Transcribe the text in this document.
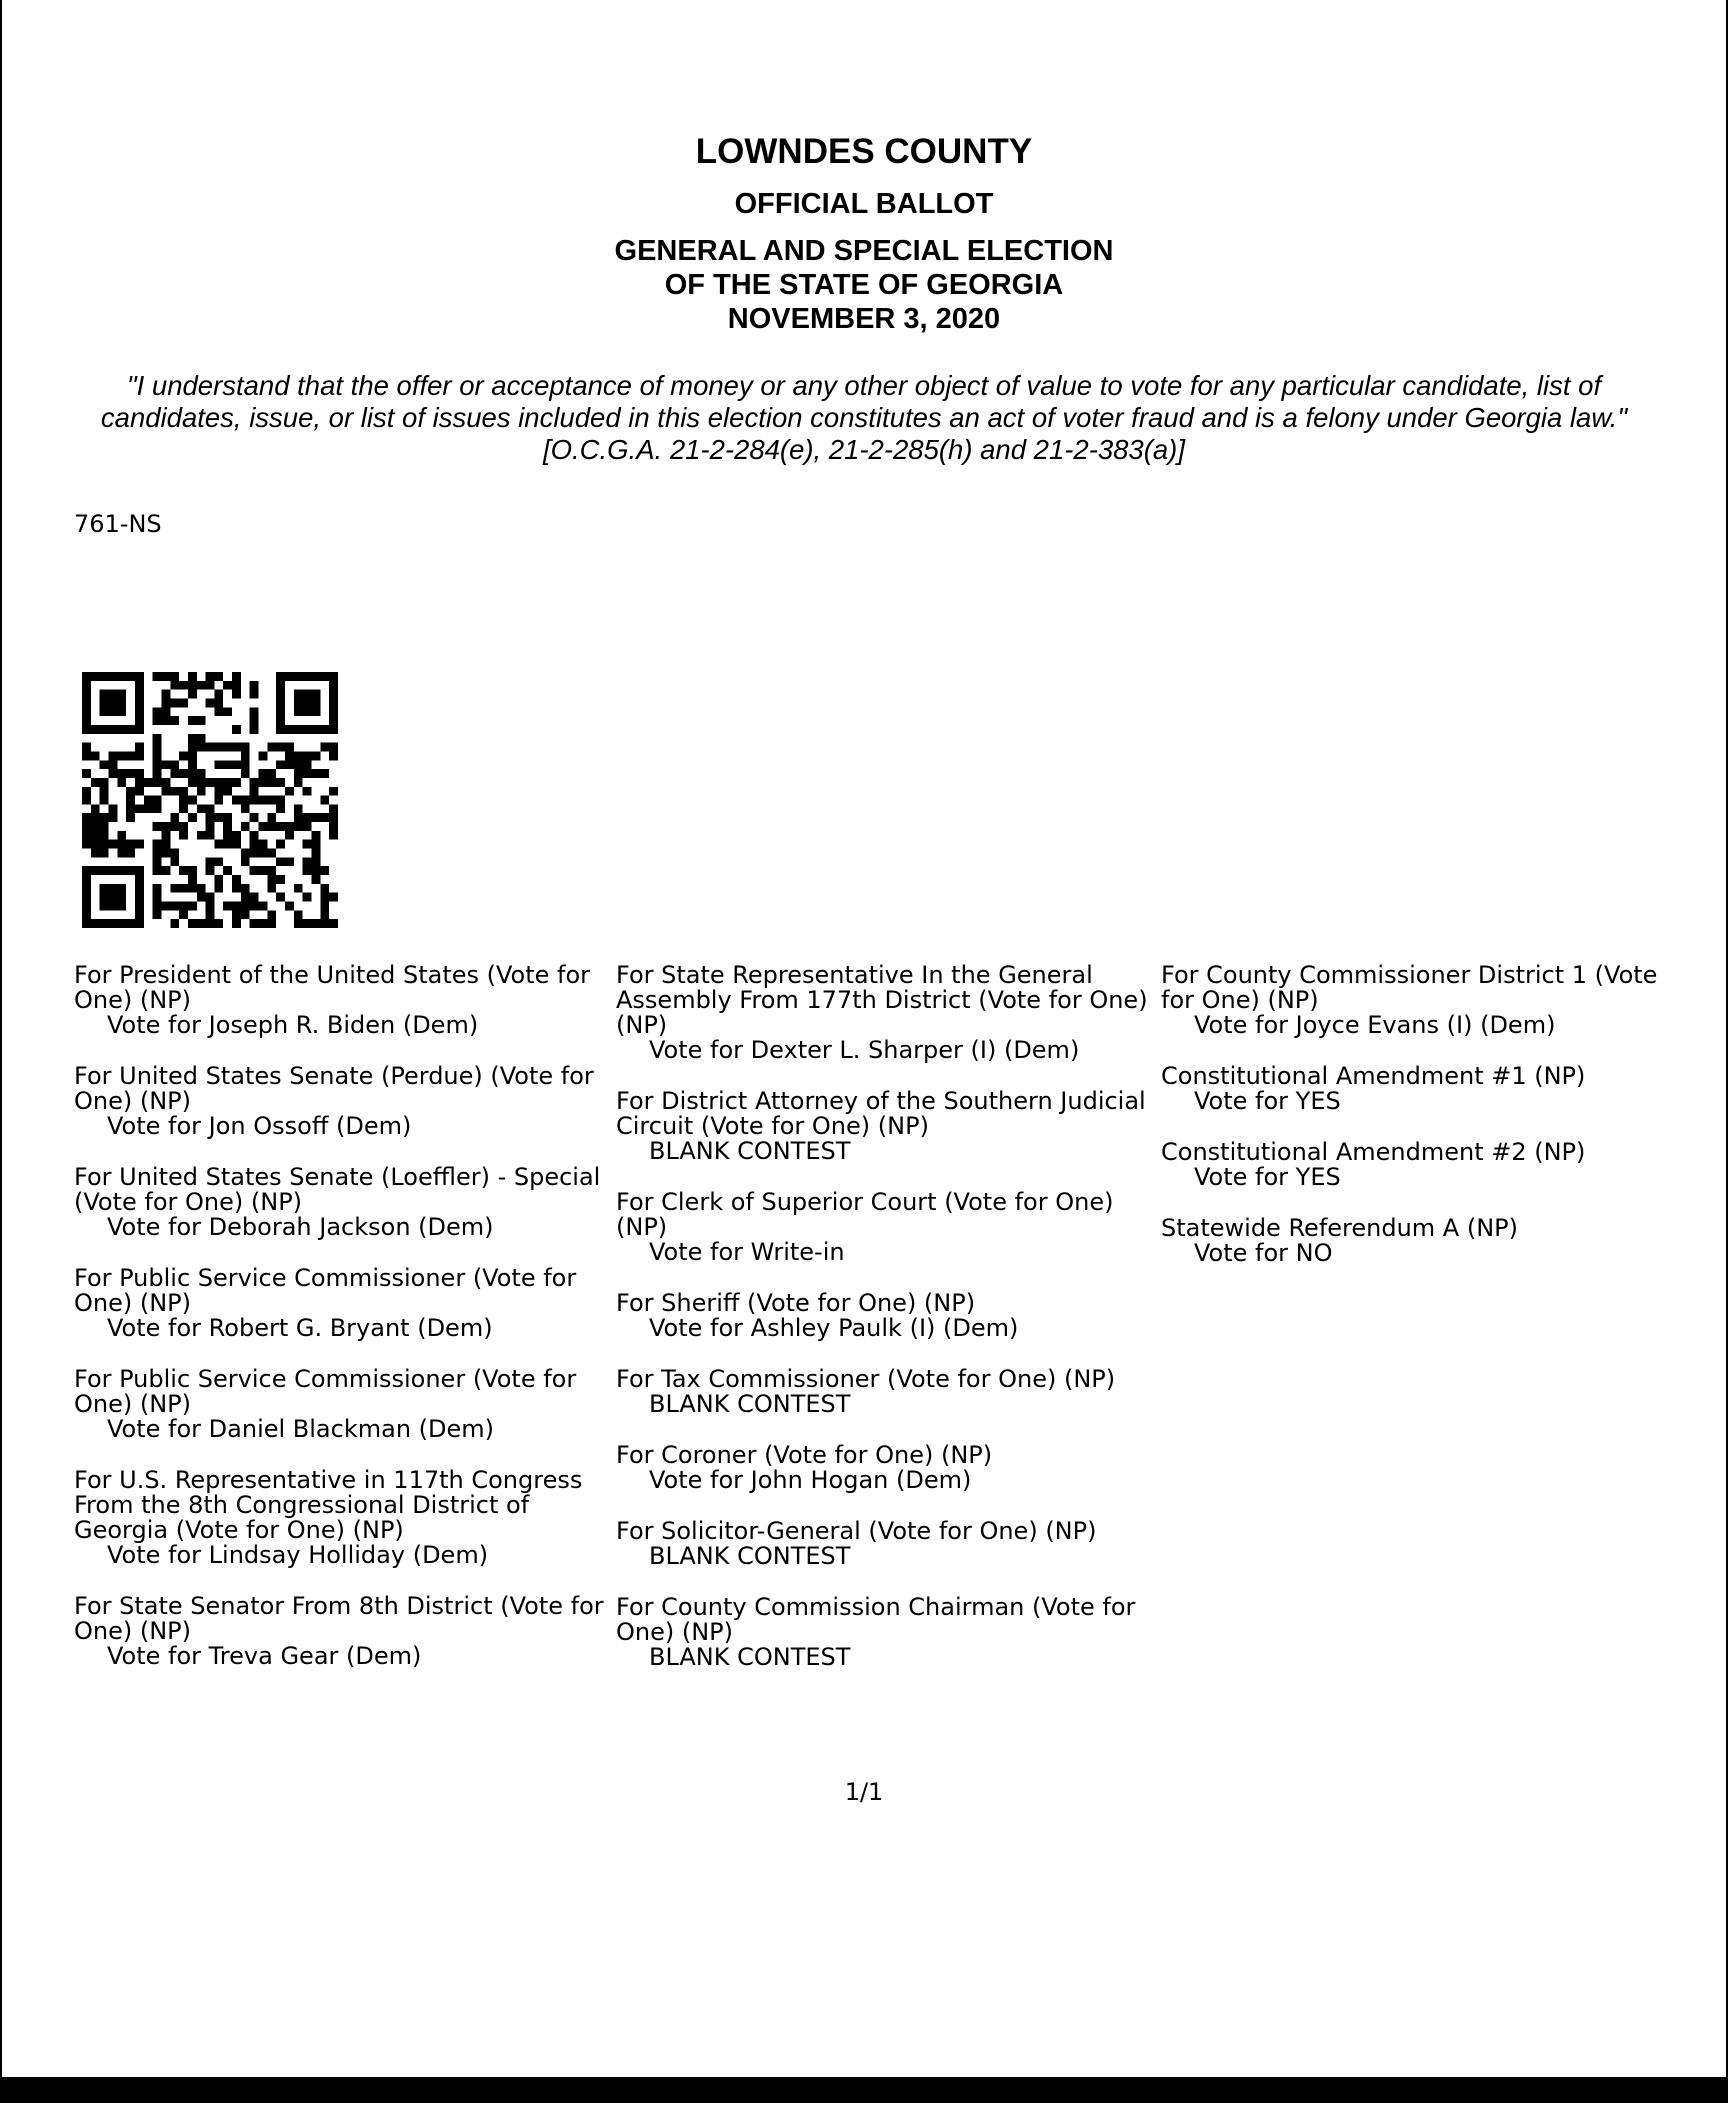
LOWNDES COUNTY
OFFICIAL BALLOT
GENERAL AND SPECIAL ELECTION
OF THE STATE OF GEORGIA
NOVEMBER 3, 2020
"I understand that the offer or acceptance of money or any other object of value to vote for any particular candidate, list of candidates, issue, or list of issues included in this election constitutes an act of voter fraud and is a felony under Georgia law."[O.C.G.A. 21-2-284(e), 21-2-285(h) and 21-2-383(a)]
761-NS
For President of the United States (Vote for One) (NP)
Vote for Joseph R. Biden (Dem)
For United States Senate (Perdue) (Vote for One) (NP)
Vote for Jon Ossoff (Dem)
For United States Senate (Loeffler) - Special (Vote for One) (NP)
Vote for Deborah Jackson (Dem)
For Public Service Commissioner (Vote for One) (NP)
Vote for Robert G. Bryant (Dem)
For Public Service Commissioner (Vote for One) (NP)
Vote for Daniel Blackman (Dem)
For U.S. Representative in 117th Congress From the 8th Congressional District of Georgia (Vote for One) (NP)
Vote for Lindsay Holliday (Dem)
For State Senator From 8th District (Vote for One) (NP)
Vote for Treva Gear (Dem)
For State Representative In the General Assembly From 177th District (Vote for One) (NP)
Vote for Dexter L. Sharper (I) (Dem)
For District Attorney of the Southern Judicial Circuit (Vote for One) (NP)
BLANK CONTEST
For Clerk of Superior Court (Vote for One) (NP)
Vote for Write-in
For Sheriff (Vote for One) (NP)
Vote for Ashley Paulk (I) (Dem)
For Tax Commissioner (Vote for One) (NP)
BLANK CONTEST
For Coroner (Vote for One) (NP)
Vote for John Hogan (Dem)
For Solicitor-General (Vote for One) (NP)
BLANK CONTEST
For County Commission Chairman (Vote for One) (NP)
BLANK CONTEST
For County Commissioner District 1 (Vote
for One) (NP)
Vote for Joyce Evans (I) (Dem)
Constitutional Amendment #1 (NP)
Vote for YES
Constitutional Amendment #2 (NP)
Vote for YES
Statewide Referendum A (NP)
Vote for NO
1/1
